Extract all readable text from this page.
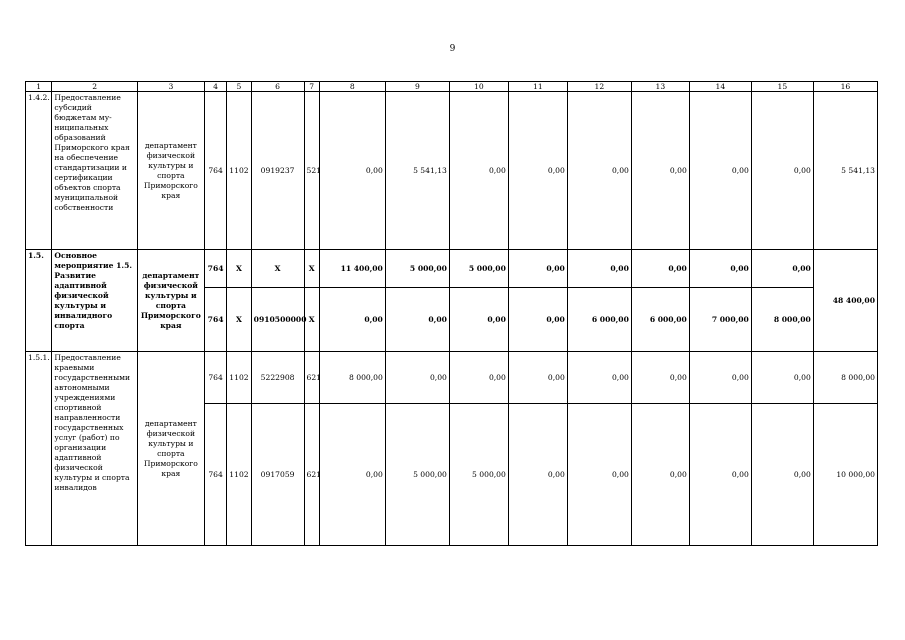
9
1	2	3	4	5	6	7	8	9	10	11	12	13	14	15	16
1.4.2.	Предоставление субсидий бюджетам му-ниципальных образований Приморского края на обеспечение стандартизации и сертификации объектов спорта муниципальной собственности	департамент физической культуры и спорта Приморского края	764	1102	0919237	521	0,00	5 541,13	0,00	0,00	0,00	0,00	0,00	0,00	5 541,13
1.5.	Основное мероприятие 1.5. Развитие адаптивной физической культуры и инвалидного спорта	департамент физической культуры и спорта Приморского края	764	X	X	X	11 400,00	5 000,00	5 000,00	0,00	0,00	0,00	0,00	0,00	48 400,00
			764	X	0910500000	X	0,00	0,00	0,00	0,00	6 000,00	6 000,00	7 000,00	8 000,00	
1.5.1.	Предоставление краевыми государственными автономными учреждениями спортивной направленности государственных услуг (работ) по организации адаптивной физической культуры и спорта инвалидов	департамент физической культуры и спорта Приморского края	764	1102	5222908	621	8 000,00	0,00	0,00	0,00	0,00	0,00	0,00	0,00	8 000,00
			764	1102	0917059	621	0,00	5 000,00	5 000,00	0,00	0,00	0,00	0,00	0,00	10 000,00
